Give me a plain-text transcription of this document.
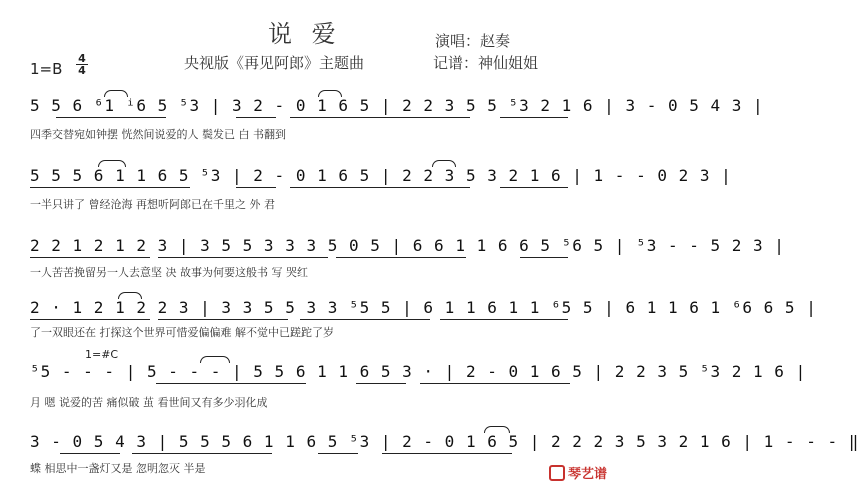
说 爱	演唱：赵奏
央视版《再见阿郎》主题曲	记谱：神仙姐姐
1=B
4
4
5 5 6 ⁶1 ⁱ6 5 ⁵3 | 3 2 - 0 1 6 5 | 2 2 3 5 5 ⁵3 2 1 6 | 3 - 0 5 4 3 |
四季交替宛如钟摆 恍然间说爱的人 鬓发已 白 书翻到
5 5 5 6 1 1 6 5 ⁵3 | 2 - 0 1 6 5 | 2 2 3 5 3 2 1 6 | 1 - - 0 2 3 |
一半只讲了 曾经沧海 再想听阿郎已在千里之 外 君
2 2 1 2 1 2 3 | 3 5 5 3 3 3 5 0 5 | 6 6 1 1 6 6 5 ⁵6 5 | ⁵3 - - 5 2 3 |
一人苦苦挽留另一人去意坚 决 故事为何要这般书 写 哭红
2 · 1 2 1 2 2 3 | 3 3 5 5 3 3 ⁵5 5 | 6 1 1 6 1 1 ⁶5 5 | 6 1 1 6 1 ⁶6 6 5 |
了一双眼还在 打探这个世界可惜爱偏偏难 解不觉中已蹉跎了岁
1=#C
⁵5 - - - | 5 - - - | 5 5 6 1 1 6 5 3 · | 2 - 0 1 6 5 | 2 2 3 5 ⁵3 2 1 6 |
月 嗯 说爱的苦 痛似破 茧 看世间又有多少羽化成
3 - 0 5 4 3 | 5 5 5 6 1 1 6 5 ⁵3 | 2 - 0 1 6 5 | 2 2 2 3 5 3 2 1 6 | 1 - - - ‖
蝶 相思中一盏灯又是 忽明忽灭 半是	琴艺谱
